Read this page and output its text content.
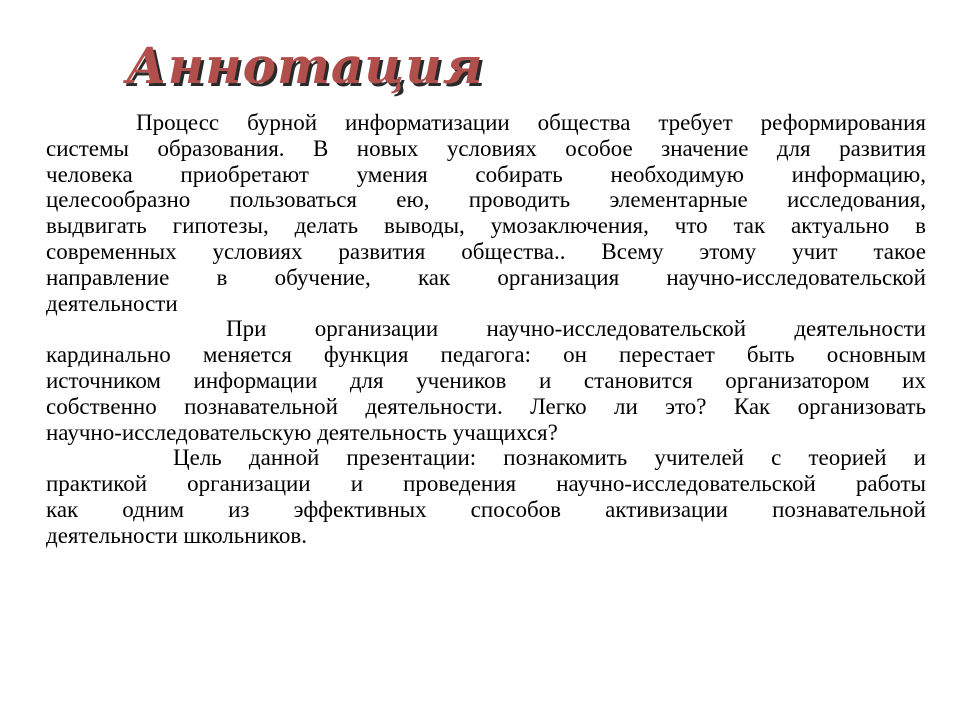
Аннотация

Процесс бурной информатизации общества требует реформирования
системы образования. В новых условиях особое значение для развития
человека приобретают умения собирать необходимую информацию,
целесообразно пользоваться ею, проводить элементарные исследования,
выдвигать гипотезы, делать выводы, умозаключения, что так актуально в
современных условиях развития общества.. Всему этому учит такое
направление в обучение, как организация научно-исследовательской
деятельности

При организации научно-исследовательской деятельности
кардинально меняется функция педагога: он перестает быть основным
источником информации для учеников и становится организатором их
собственно познавательной деятельности. Легко ли это? Как организовать
научно-исследовательскую деятельность учащихся?

Цель данной презентации: познакомить учителей с теорией и
практикой организации и проведения научно-исследовательской работы
как одним из эффективных способов активизации познавательной
деятельности школьников.
